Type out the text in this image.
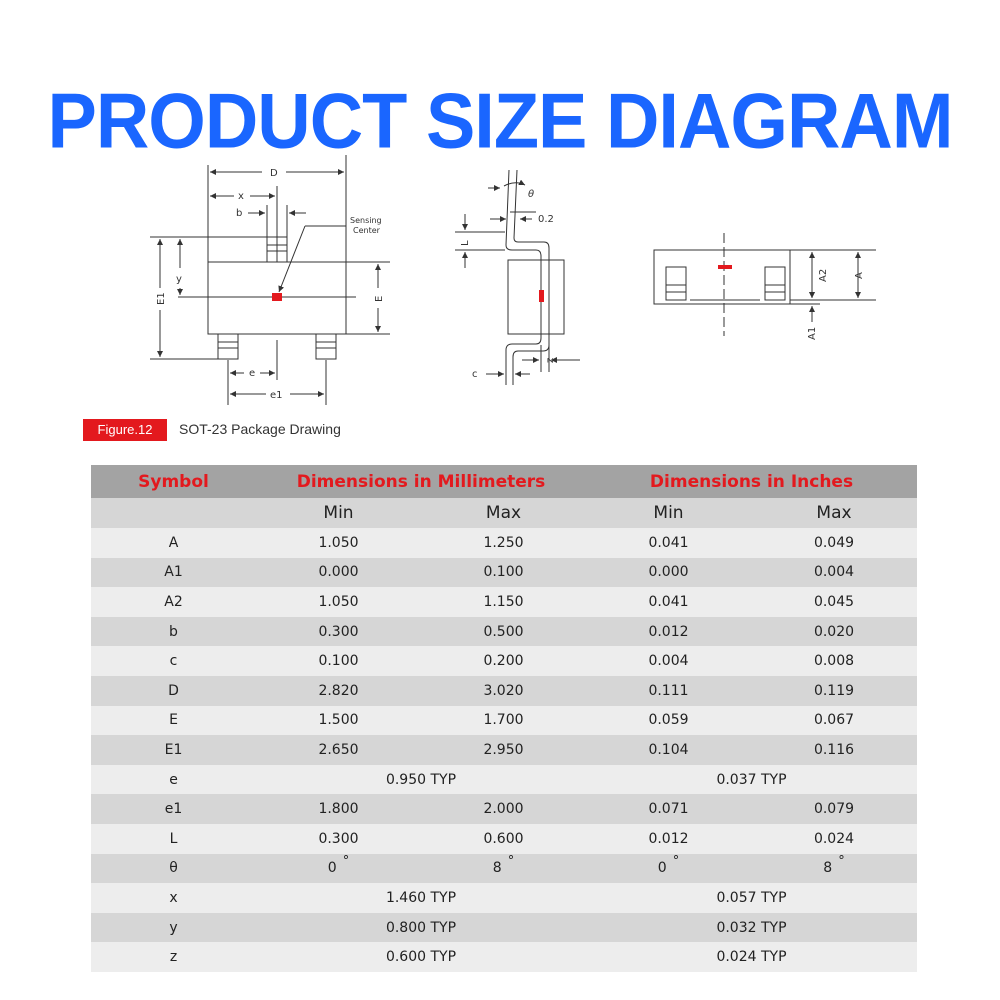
PRODUCT SIZE DIAGRAM
D
x
b
Sensing
Center
y
E1	E
e
e1
θ
0.2
L
c
z
A2	A
A1
Figure.12	SOT-23 Package Drawing
Symbol	Dimensions in Millimeters		Dimensions in Inches	
	Min	Max	Min	Max
A	1.050	1.250	0.041	0.049
A1	0.000	0.100	0.000	0.004
A2	1.050	1.150	0.041	0.045
b	0.300	0.500	0.012	0.020
c	0.100	0.200	0.004	0.008
D	2.820	3.020	0.111	0.119
E	1.500	1.700	0.059	0.067
E1	2.650	2.950	0.104	0.116
e	0.950 TYP		0.037 TYP	
e1	1.800	2.000	0.071	0.079
L	0.300	0.600	0.012	0.024
θ	0 °	8 °	0 °	8 °
x	1.460 TYP		0.057 TYP	
y	0.800 TYP		0.032 TYP	
z	0.600 TYP		0.024 TYP	
